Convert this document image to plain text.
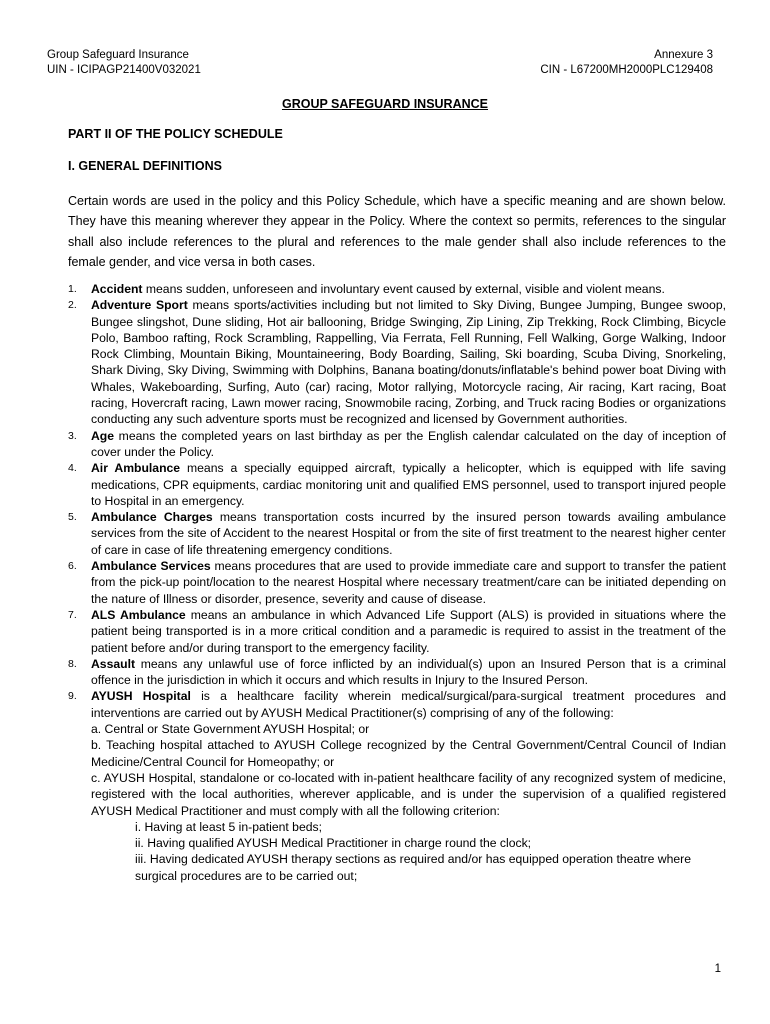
Group Safeguard Insurance
UIN - ICIPAGP21400V032021
Annexure 3
CIN - L67200MH2000PLC129408
GROUP SAFEGUARD INSURANCE
PART II OF THE POLICY SCHEDULE
I. GENERAL DEFINITIONS
Certain words are used in the policy and this Policy Schedule, which have a specific meaning and are shown below. They have this meaning wherever they appear in the Policy. Where the context so permits, references to the singular shall also include references to the plural and references to the male gender shall also include references to the female gender, and vice versa in both cases.
1. Accident means sudden, unforeseen and involuntary event caused by external, visible and violent means.
2. Adventure Sport means sports/activities including but not limited to Sky Diving, Bungee Jumping, Bungee swoop, Bungee slingshot, Dune sliding, Hot air ballooning, Bridge Swinging, Zip Lining, Zip Trekking, Rock Climbing, Bicycle Polo, Bamboo rafting, Rock Scrambling, Rappelling, Via Ferrata, Fell Running, Fell Walking, Gorge Walking, Indoor Rock Climbing, Mountain Biking, Mountaineering, Body Boarding, Sailing, Ski boarding, Scuba Diving, Snorkeling, Shark Diving, Sky Diving, Swimming with Dolphins, Banana boating/donuts/inflatable's behind power boat Diving with Whales, Wakeboarding, Surfing, Auto (car) racing, Motor rallying, Motorcycle racing, Air racing, Kart racing, Boat racing, Hovercraft racing, Lawn mower racing, Snowmobile racing, Zorbing, and Truck racing Bodies or organizations conducting any such adventure sports must be recognized and licensed by Government authorities.
3. Age means the completed years on last birthday as per the English calendar calculated on the day of inception of cover under the Policy.
4. Air Ambulance means a specially equipped aircraft, typically a helicopter, which is equipped with life saving medications, CPR equipments, cardiac monitoring unit and qualified EMS personnel, used to transport injured people to Hospital in an emergency.
5. Ambulance Charges means transportation costs incurred by the insured person towards availing ambulance services from the site of Accident to the nearest Hospital or from the site of first treatment to the nearest higher center of care in case of life threatening emergency conditions.
6. Ambulance Services means procedures that are used to provide immediate care and support to transfer the patient from the pick-up point/location to the nearest Hospital where necessary treatment/care can be initiated depending on the nature of Illness or disorder, presence, severity and cause of disease.
7. ALS Ambulance means an ambulance in which Advanced Life Support (ALS) is provided in situations where the patient being transported is in a more critical condition and a paramedic is required to assist in the treatment of the patient before and/or during transport to the emergency facility.
8. Assault means any unlawful use of force inflicted by an individual(s) upon an Insured Person that is a criminal offence in the jurisdiction in which it occurs and which results in Injury to the Insured Person.
9. AYUSH Hospital is a healthcare facility wherein medical/surgical/para-surgical treatment procedures and interventions are carried out by AYUSH Medical Practitioner(s) comprising of any of the following:
a. Central or State Government AYUSH Hospital; or
b. Teaching hospital attached to AYUSH College recognized by the Central Government/Central Council of Indian Medicine/Central Council for Homeopathy; or
c. AYUSH Hospital, standalone or co-located with in-patient healthcare facility of any recognized system of medicine, registered with the local authorities, wherever applicable, and is under the supervision of a qualified registered AYUSH Medical Practitioner and must comply with all the following criterion:
i. Having at least 5 in-patient beds;
ii. Having qualified AYUSH Medical Practitioner in charge round the clock;
iii. Having dedicated AYUSH therapy sections as required and/or has equipped operation theatre where surgical procedures are to be carried out;
1
